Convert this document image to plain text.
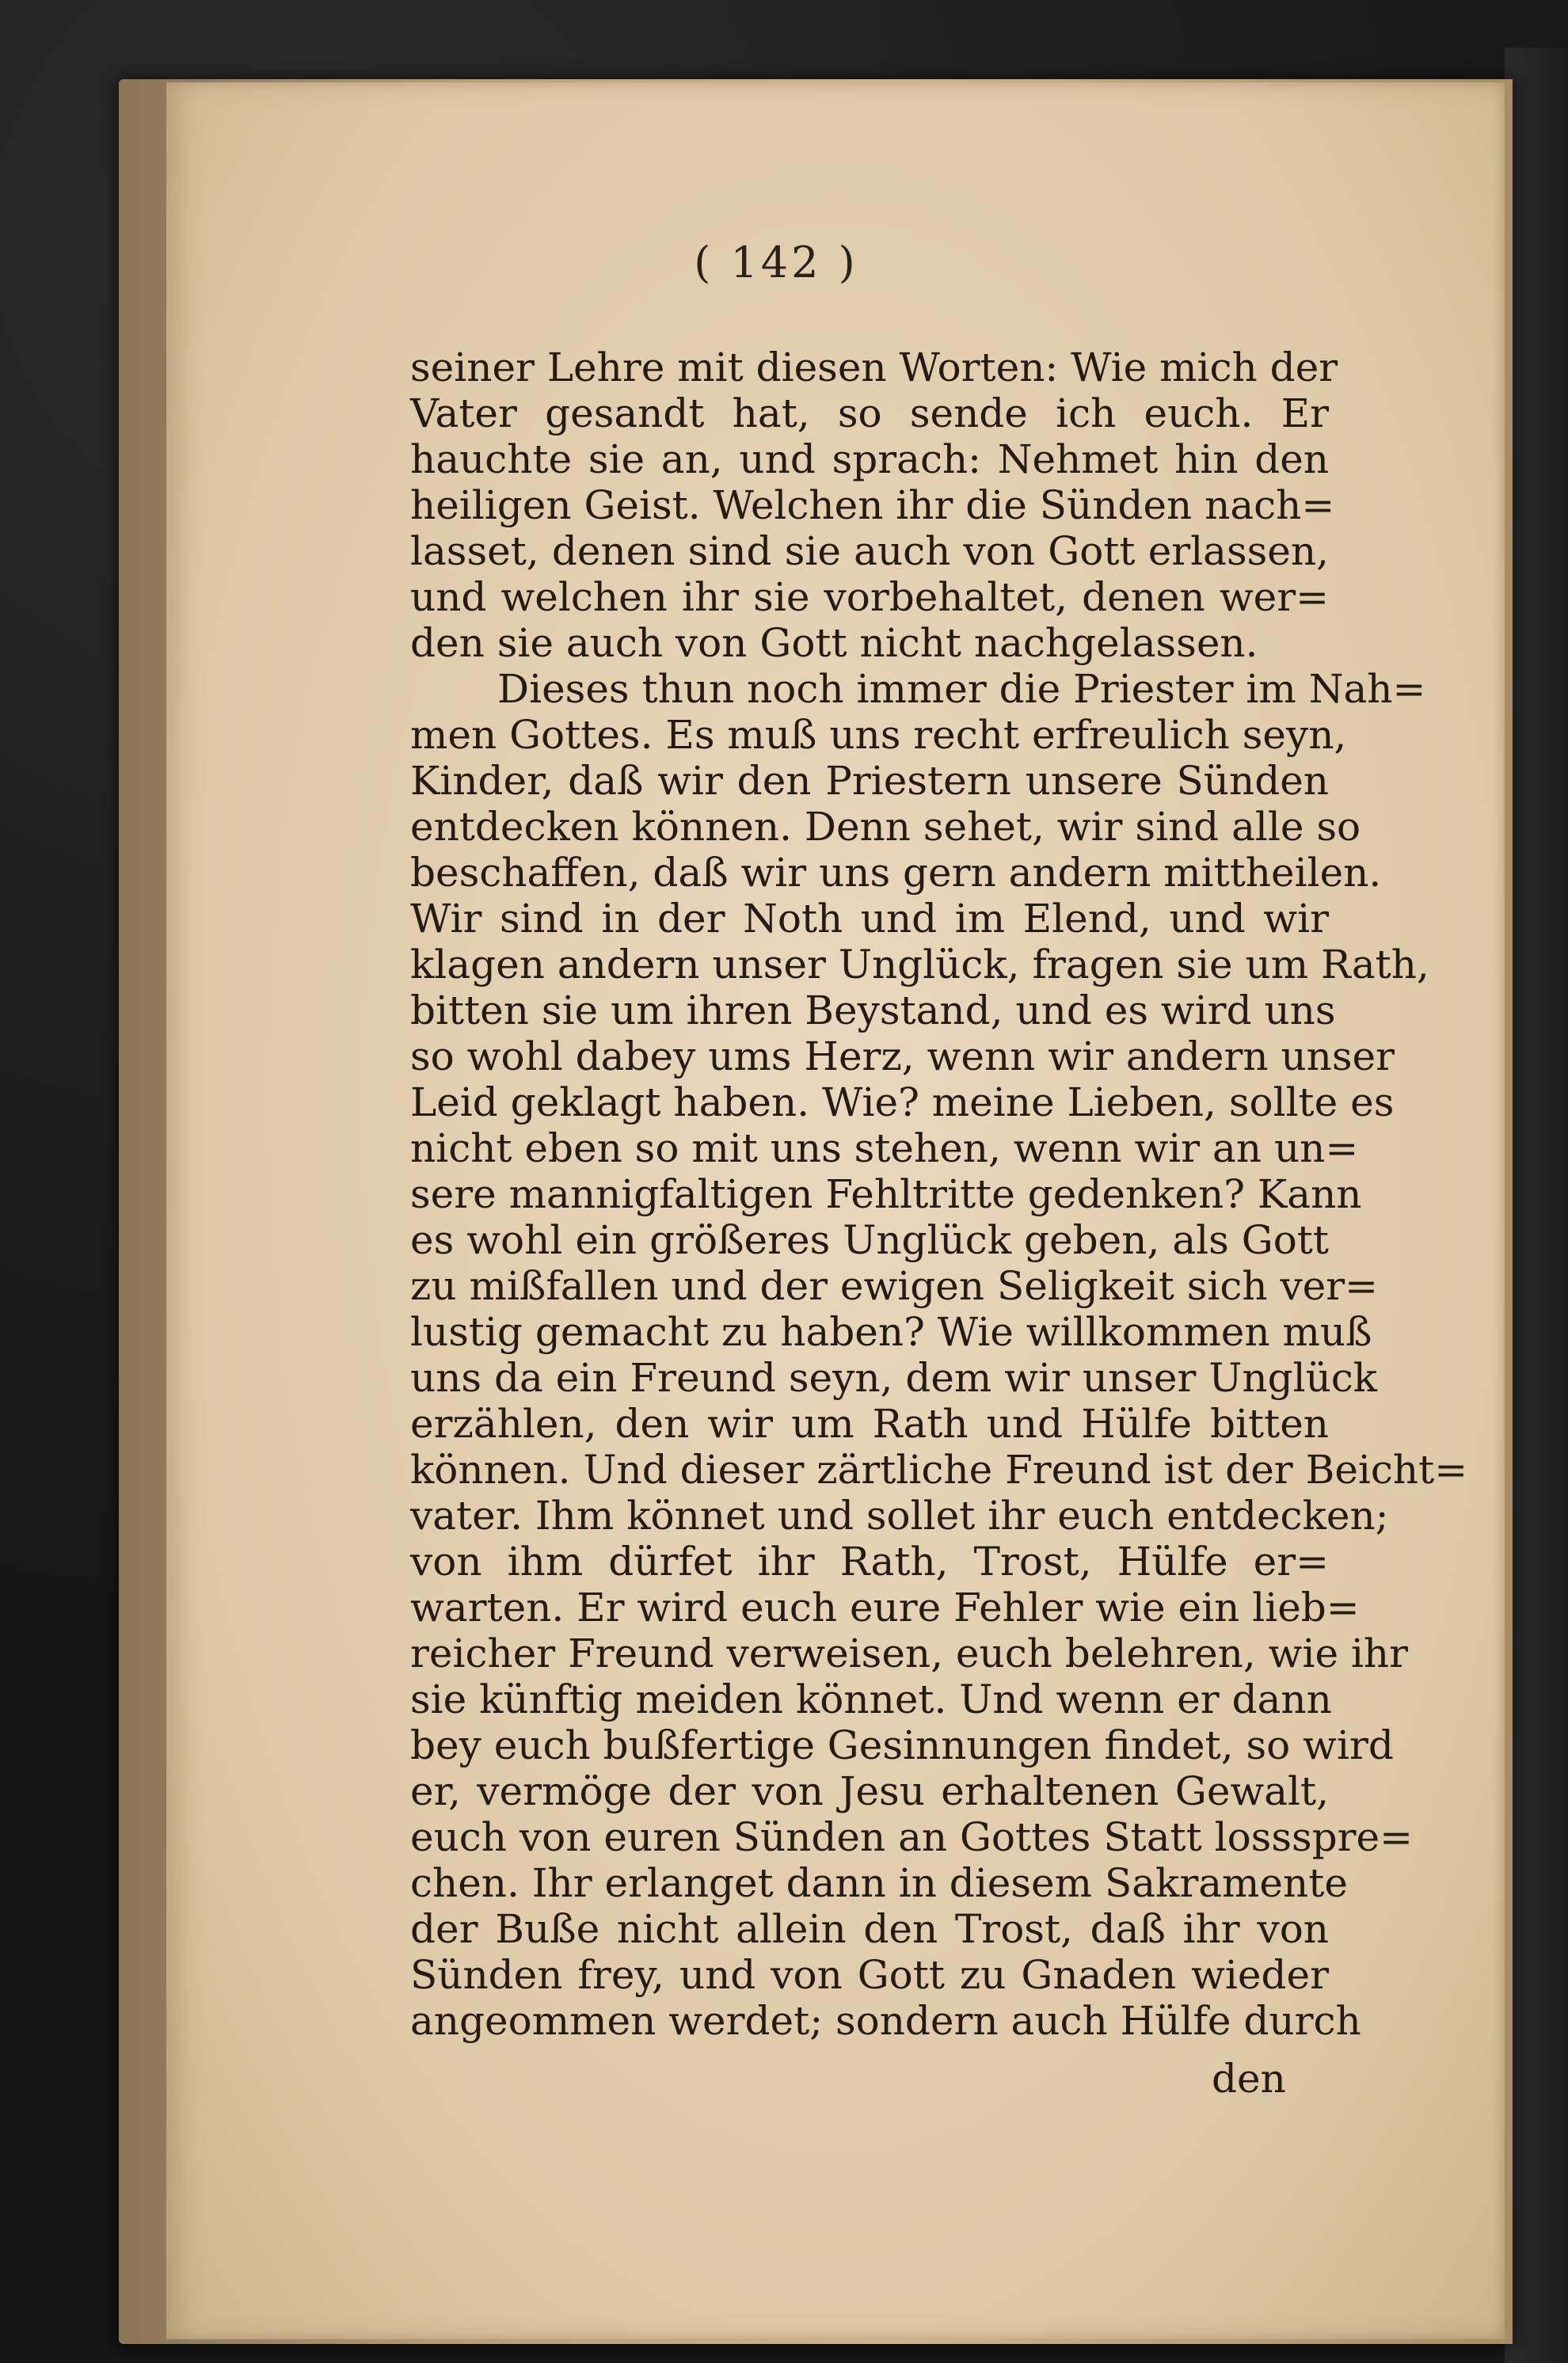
( 142 )
seiner Lehre mit diesen Worten: Wie mich der
Vater gesandt hat, so sende ich euch. Er
hauchte sie an, und sprach: Nehmet hin den
heiligen Geist. Welchen ihr die Sünden nach=
lasset, denen sind sie auch von Gott erlassen,
und welchen ihr sie vorbehaltet, denen wer=
den sie auch von Gott nicht nachgelassen.
Dieses thun noch immer die Priester im Nah=
men Gottes. Es muß uns recht erfreulich seyn,
Kinder, daß wir den Priestern unsere Sünden
entdecken können. Denn sehet, wir sind alle so
beschaffen, daß wir uns gern andern mittheilen.
Wir sind in der Noth und im Elend, und wir
klagen andern unser Unglück, fragen sie um Rath,
bitten sie um ihren Beystand, und es wird uns
so wohl dabey ums Herz, wenn wir andern unser
Leid geklagt haben. Wie? meine Lieben, sollte es
nicht eben so mit uns stehen, wenn wir an un=
sere mannigfaltigen Fehltritte gedenken? Kann
es wohl ein größeres Unglück geben, als Gott
zu mißfallen und der ewigen Seligkeit sich ver=
lustig gemacht zu haben? Wie willkommen muß
uns da ein Freund seyn, dem wir unser Unglück
erzählen, den wir um Rath und Hülfe bitten
können. Und dieser zärtliche Freund ist der Beicht=
vater. Ihm könnet und sollet ihr euch entdecken;
von ihm dürfet ihr Rath, Trost, Hülfe er=
warten. Er wird euch eure Fehler wie ein lieb=
reicher Freund verweisen, euch belehren, wie ihr
sie künftig meiden könnet. Und wenn er dann
bey euch bußfertige Gesinnungen findet, so wird
er, vermöge der von Jesu erhaltenen Gewalt,
euch von euren Sünden an Gottes Statt lossspre=
chen. Ihr erlanget dann in diesem Sakramente
der Buße nicht allein den Trost, daß ihr von
Sünden frey, und von Gott zu Gnaden wieder
angeommen werdet; sondern auch Hülfe durch
den
